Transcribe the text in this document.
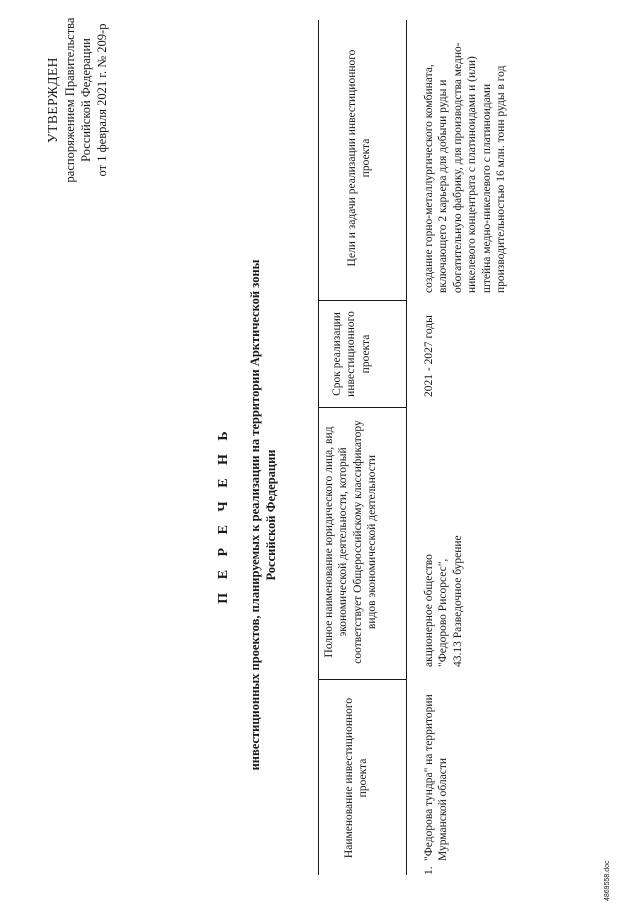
УТВЕРЖДЕН распоряжением Правительства Российской Федерации от 1 февраля 2021 г. № 209-р
П Е Р Е Ч Е Н Ь инвестиционных проектов, планируемых к реализации на территории Арктической зоны Российской Федерации
Наименование инвестиционного проекта
Полное наименование юридического лица, вид экономической деятельности, который соответствует Общероссийскому классификатору видов экономической деятельности
Срок реализации инвестиционного проекта
Цели и задачи реализации инвестиционного проекта
1.
"Федорова тундра" на территории Мурманской области
акционерное общество "Федорово Рисорсес", 43.13 Разведочное бурение
2021 - 2027 годы
создание горно-металлургического комбината, включающего 2 карьера для добычи руды и обогатительную фабрику, для производства медно-никелевого концентрата с платиноидами и (или) штейна медно-никелевого с платиноидами производительностью 16 млн. тонн руды в год
4869558.doc
